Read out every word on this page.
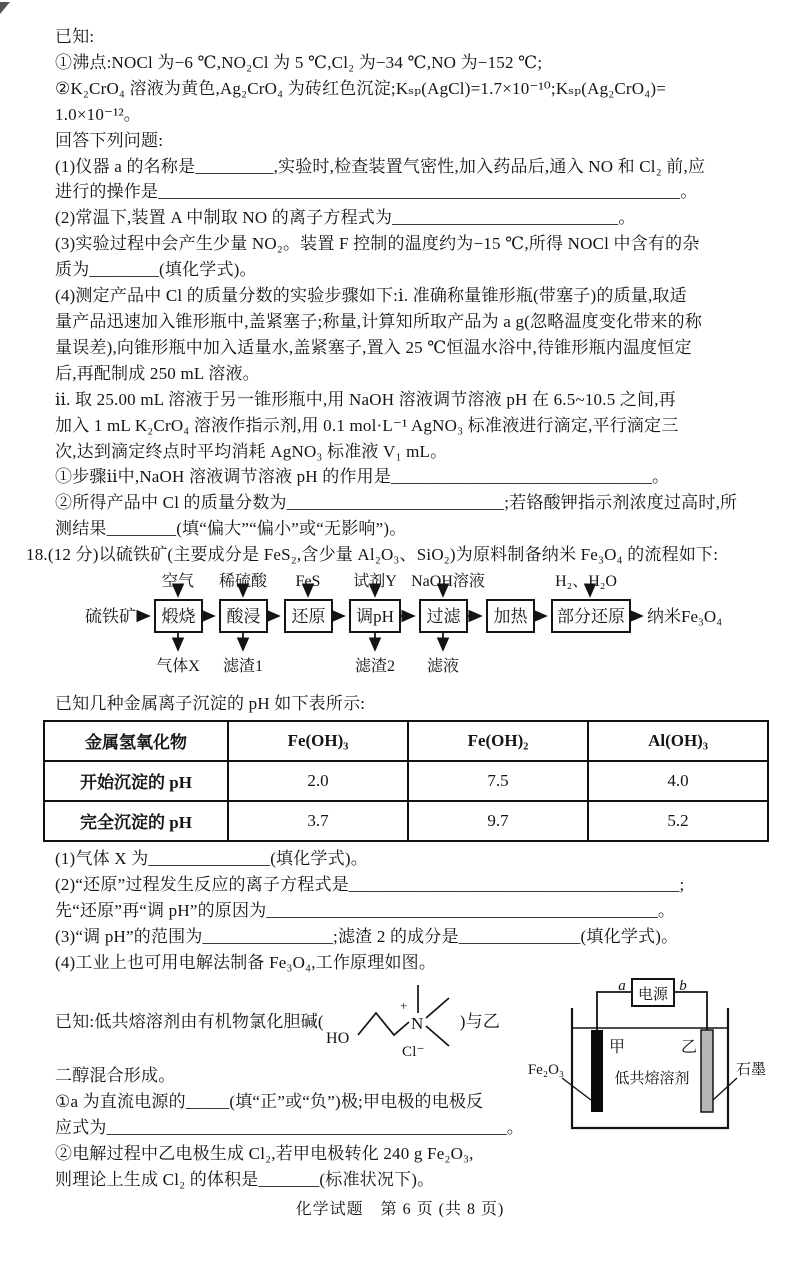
已知:
①沸点:NOCl 为−6 ℃,NO₂Cl 为 5 ℃,Cl₂ 为−34 ℃,NO 为−152 ℃;
②K₂CrO₄ 溶液为黄色,Ag₂CrO₄ 为砖红色沉淀;Kₛₚ(AgCl)=1.7×10⁻¹⁰;Kₛₚ(Ag₂CrO₄)=
1.0×10⁻¹²。
回答下列问题:
(1)仪器 a 的名称是_________,实验时,检查装置气密性,加入药品后,通入 NO 和 Cl₂ 前,应
进行的操作是____________________________________________________________。
(2)常温下,装置 A 中制取 NO 的离子方程式为__________________________。
(3)实验过程中会产生少量 NO₂。装置 F 控制的温度约为−15 ℃,所得 NOCl 中含有的杂
质为________(填化学式)。
(4)测定产品中 Cl 的质量分数的实验步骤如下:ⅰ. 准确称量锥形瓶(带塞子)的质量,取适
量产品迅速加入锥形瓶中,盖紧塞子;称量,计算知所取产品为 a g(忽略温度变化带来的称
量误差),向锥形瓶中加入适量水,盖紧塞子,置入 25 ℃恒温水浴中,待锥形瓶内温度恒定
后,再配制成 250 mL 溶液。
ⅱ. 取 25.00 mL 溶液于另一锥形瓶中,用 NaOH 溶液调节溶液 pH 在 6.5~10.5 之间,再
加入 1 mL K₂CrO₄ 溶液作指示剂,用 0.1 mol·L⁻¹ AgNO₃ 标准液进行滴定,平行滴定三
次,达到滴定终点时平均消耗 AgNO₃ 标准液 V₁ mL。
①步骤ⅱ中,NaOH 溶液调节溶液 pH 的作用是______________________________。
②所得产品中 Cl 的质量分数为_________________________;若铬酸钾指示剂浓度过高时,所
测结果________(填“偏大”“偏小”或“无影响”)。
18.(12 分)以硫铁矿(主要成分是 FeS₂,含少量 Al₂O₃、SiO₂)为原料制备纳米 Fe₃O₄ 的流程如下:
空气 稀硫酸 FeS 试剂Y NaOH溶液	H₂、H₂O
硫铁矿 煅烧 酸浸 还原 调pH 过滤 加热 部分还原 纳米Fe₃O₄
气体X 滤渣1	滤渣2 滤液
已知几种金属离子沉淀的 pH 如下表所示:
金属氢氧化物	Fe(OH)₃	Fe(OH)₂	Al(OH)₃
开始沉淀的 pH	2.0	7.5	4.0
完全沉淀的 pH	3.7	9.7	5.2
(1)气体 X 为______________(填化学式)。
(2)“还原”过程发生反应的离子方程式是______________________________________;
先“还原”再“调 pH”的原因为_____________________________________________。
(3)“调 pH”的范围为_______________;滤渣 2 的成分是______________(填化学式)。
(4)工业上也可用电解法制备 Fe₃O₄,工作原理如图。
已知:低共熔溶剂由有机物氯化胆碱(
HO
+
N
Cl⁻
)与乙
二醇混合形成。
①a 为直流电源的_____(填“正”或“负”)极;甲电极的电极反
应式为______________________________________________。
②电解过程中乙电极生成 Cl₂,若甲电极转化 240 g Fe₂O₃,
则理论上生成 Cl₂ 的体积是_______(标准状况下)。
电源
a	b
甲	乙
低共熔溶剂
Fe₂O₃	石墨
化学试题　第 6 页 (共 8 页)
